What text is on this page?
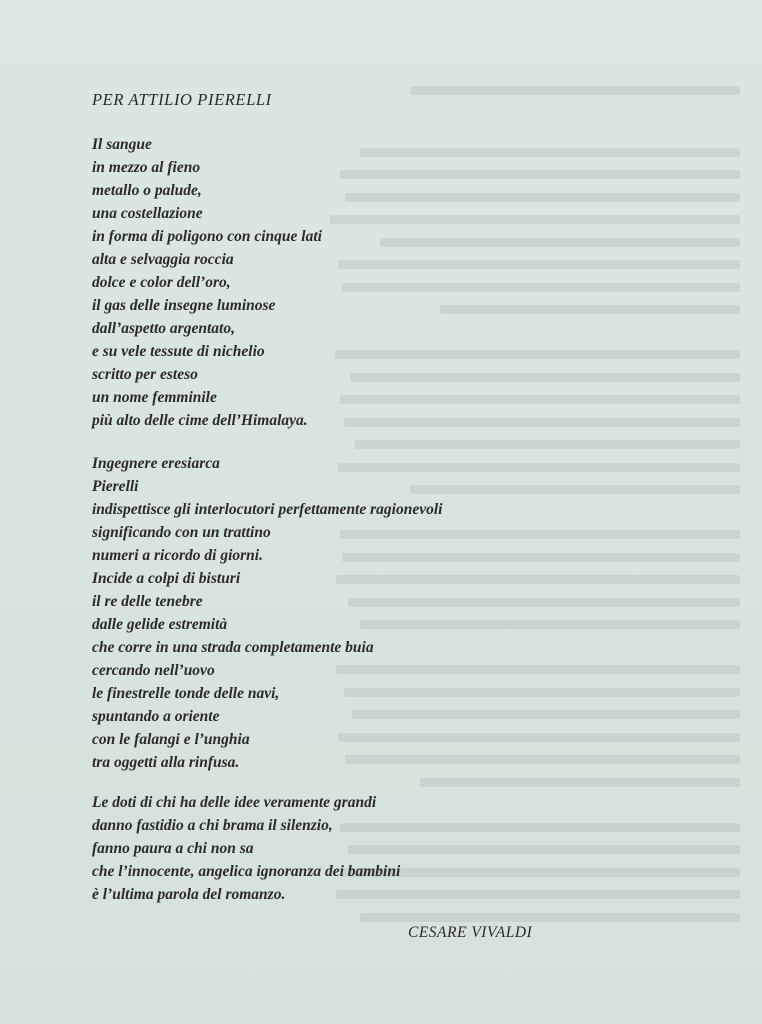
PER ATTILIO PIERELLI
Il sangue
in mezzo al fieno
metallo o palude,
una costellazione
in forma di poligono con cinque lati
alta e selvaggia roccia
dolce e color dell’oro,
il gas delle insegne luminose
dall’aspetto argentato,
e su vele tessute di nichelio
scritto per esteso
un nome femminile
più alto delle cime dell’Himalaya.
Ingegnere eresiarca
Pierelli
indispettisce gli interlocutori perfettamente ragionevoli
significando con un trattino
numeri a ricordo di giorni.
Incide a colpi di bisturi
il re delle tenebre
dalle gelide estremità
che corre in una strada completamente buia
cercando nell’uovo
le finestrelle tonde delle navi,
spuntando a oriente
con le falangi e l’unghia
tra oggetti alla rinfusa.
Le doti di chi ha delle idee veramente grandi
danno fastidio a chi brama il silenzio,
fanno paura a chi non sa
che l’innocente, angelica ignoranza dei bambini
è l’ultima parola del romanzo.
CESARE VIVALDI
